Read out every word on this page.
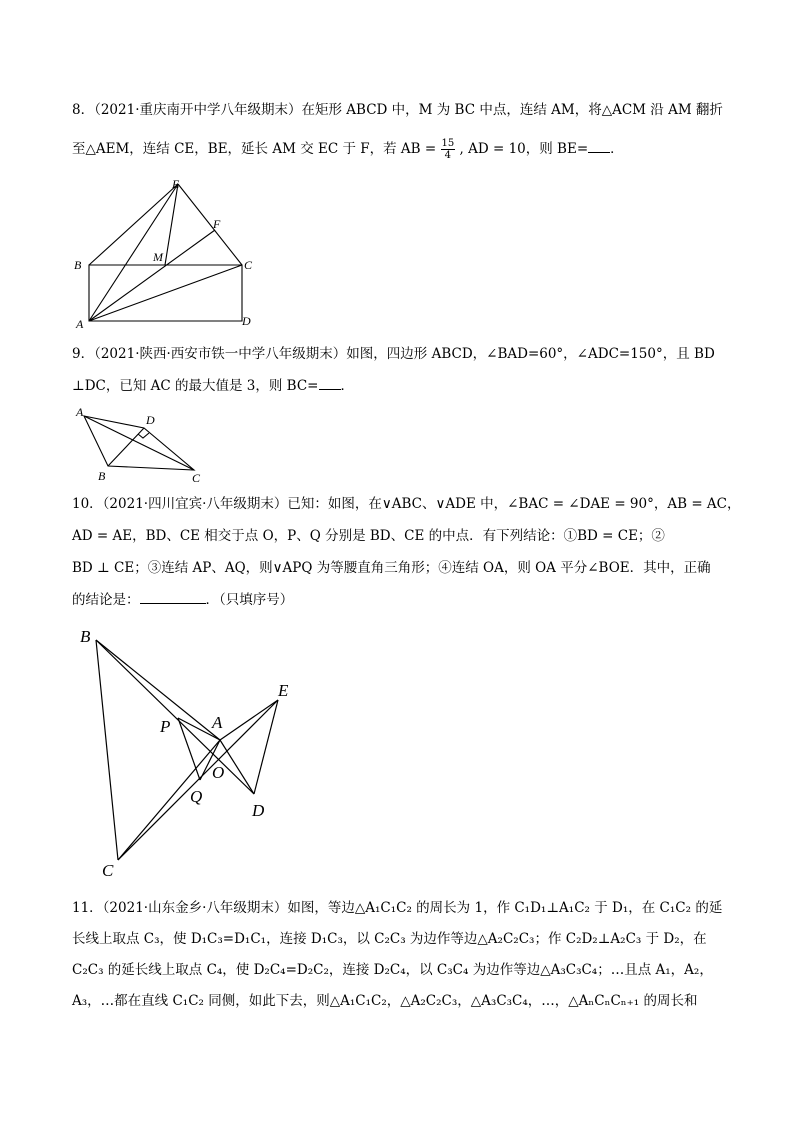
8．（2021·重庆南开中学八年级期末）在矩形 ABCD 中，M 为 BC 中点，连结 AM，将△ACM 沿 AM 翻折
至△AEM，连结 CE，BE，延长 AM 交 EC 于 F，若 AB = $\frac{15}{4}$ , AD = 10，则 BE= ．
E
F
M
B	C
A	D
9．（2021·陕西·西安市铁一中学八年级期末）如图，四边形 ABCD，∠BAD=60°，∠ADC=150°，且 BD
⊥DC，已知 AC 的最大值是 3，则 BC= ．
A
D
B	C
10．（2021·四川宜宾·八年级期末）已知：如图，在∨ABC、∨ADE 中，∠BAC = ∠DAE = 90°，AB = AC，
AD = AE，BD、CE 相交于点 O，P、Q 分别是 BD、CE 的中点．有下列结论：①BD = CE；②
BD ⊥ CE；③连结 AP、AQ，则∨APQ 为等腰直角三角形；④连结 OA，则 OA 平分∠BOE．其中，正确
的结论是：	．（只填序号）
B
E
P A
O
Q
D
C
11．（2021·山东金乡·八年级期末）如图，等边△A₁C₁C₂ 的周长为 1，作 C₁D₁⊥A₁C₂ 于 D₁，在 C₁C₂ 的延
长线上取点 C₃，使 D₁C₃=D₁C₁，连接 D₁C₃，以 C₂C₃ 为边作等边△A₂C₂C₃；作 C₂D₂⊥A₂C₃ 于 D₂，在
C₂C₃ 的延长线上取点 C₄，使 D₂C₄=D₂C₂，连接 D₂C₄，以 C₃C₄ 为边作等边△A₃C₃C₄；…且点 A₁，A₂，
A₃，…都在直线 C₁C₂ 同侧，如此下去，则△A₁C₁C₂，△A₂C₂C₃，△A₃C₃C₄，…，△AₙCₙCₙ₊₁ 的周长和
